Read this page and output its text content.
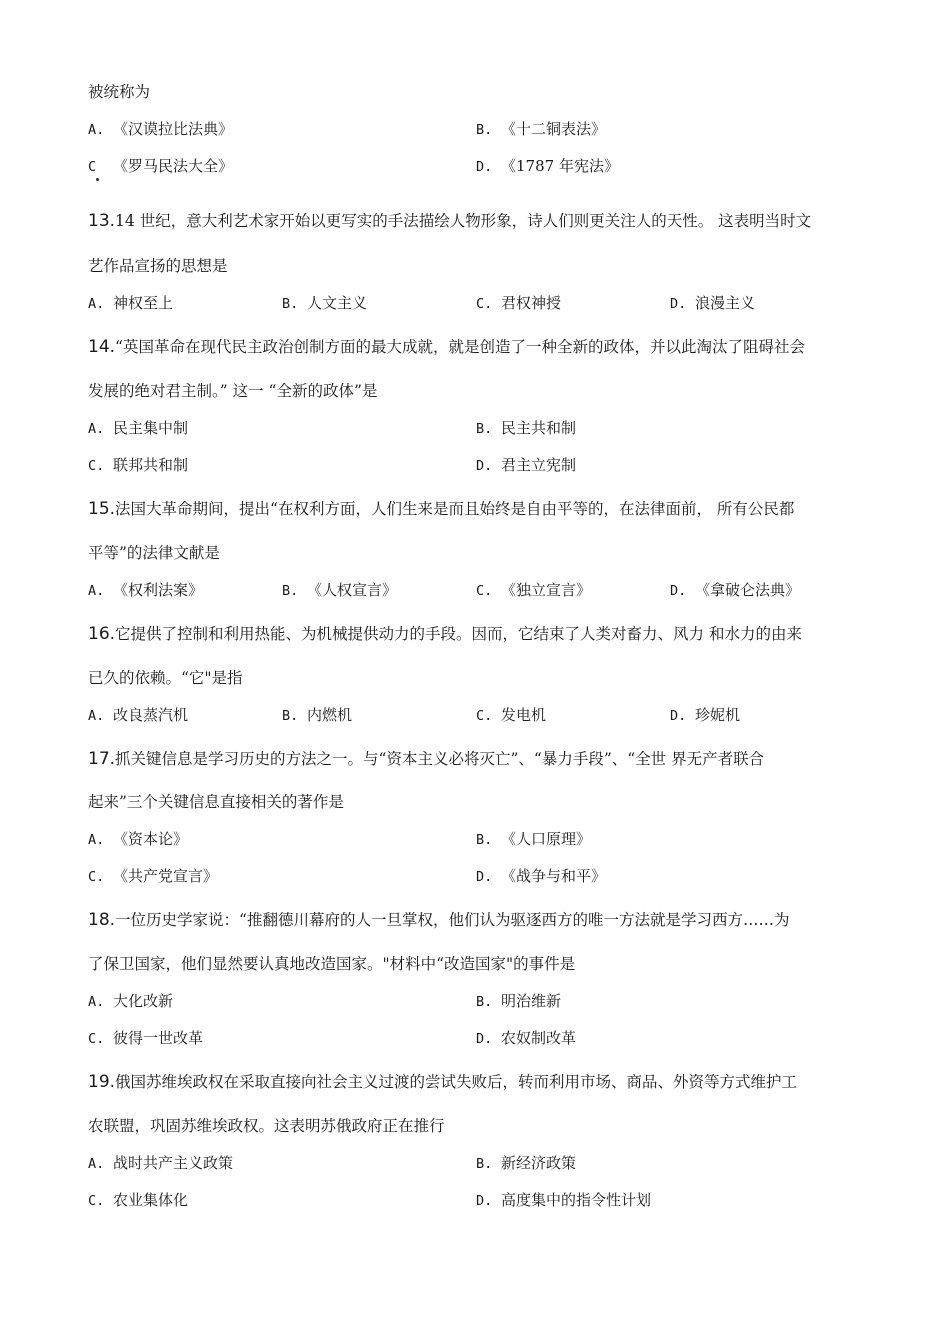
被统称为
A. 《汉谟拉比法典》	B. 《十二铜表法》
C 《罗马民法大全》	D. 《1787 年宪法》
13.14 世纪，意大利艺术家开始以更写实的手法描绘人物形象，诗人们则更关注人的天性。 这表明当时文
艺作品宣扬的思想是
A. 神权至上	B. 人文主义	C. 君权神授	D. 浪漫主义
14.“英国革命在现代民主政治创制方面的最大成就，就是创造了一种全新的政体，并以此淘汰了阻碍社会
发展的绝对君主制。” 这一 “全新的政体”是
A. 民主集中制	B. 民主共和制
C. 联邦共和制	D. 君主立宪制
15.法国大革命期间，提出“在权利方面，人们生来是而且始终是自由平等的，在法律面前， 所有公民都
平等”的法律文献是
A. 《权利法案》	B. 《人权宣言》	C. 《独立宣言》	D. 《拿破仑法典》
16.它提供了控制和利用热能、为机械提供动力的手段。因而，它结束了人类对畜力、风力 和水力的由来
已久的依赖。“它"是指
A. 改良蒸汽机	B. 内燃机	C. 发电机	D. 珍妮机
17.抓关键信息是学习历史的方法之一。与“资本主义必将灭亡”、“暴力手段”、“全世 界无产者联合
起来”三个关键信息直接相关的著作是
A. 《资本论》	B. 《人口原理》
C. 《共产党宣言》	D. 《战争与和平》
18.一位历史学家说：“推翻德川幕府的人一旦掌权，他们认为驱逐西方的唯一方法就是学习西方……为
了保卫国家，他们显然要认真地改造国家。"材料中“改造国家"的事件是
A. 大化改新	B. 明治维新
C. 彼得一世改革	D. 农奴制改革
19.俄国苏维埃政权在采取直接向社会主义过渡的尝试失败后，转而利用市场、商品、外资等方式维护工
农联盟，巩固苏维埃政权。这表明苏俄政府正在推行
A. 战时共产主义政策	B. 新经济政策
C. 农业集体化	D. 高度集中的指令性计划
